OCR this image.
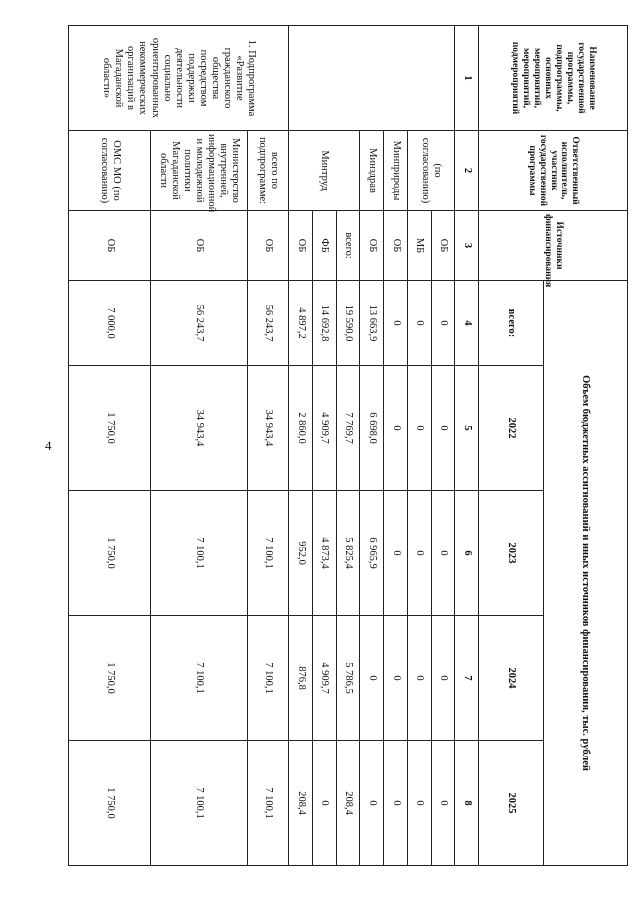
4
Наименование государственной программы, подпрограммы, основных мероприятий, мероприятий, подмероприятий	Ответственный исполнитель, участник государственной программы	Источники финансирования	Объем бюджетных ассигнований и иных источников финансирования, тыс. рублей				
			всего:	2022	2023	2024	2025
1	2	3	4	5	6	7	8
	(по согласованию)	ОБ	0	0	0	0	0
		МБ	0	0	0	0	0
	Минприроды	ОБ	0	0	0	0	0
	Минздрав	ОБ	13 663,9	6 698,0	6 965,9	0	0
	Минтруд	всего:	19 590,0	7 769,7	5 825,4	5 786,5	208,4
		ФБ	14 692,8	4 909,7	4 873,4	4 909,7	0
		ОБ	4 897,2	2 860,0	952,0	876,8	208,4
1. Подпрограмма «Развитие гражданского общества посредством поддержки деятельности социально ориентированных некоммерческих организаций в Магаданской области»	всего по подпрограмме:	ОБ	56 243,7	34 943,4	7 100,1	7 100,1	7 100,1
	Министерство внутренней, информационной и молодежной политики Магаданской области	ОБ	56 243,7	34 943,4	7 100,1	7 100,1	7 100,1
	ОМС МО (по согласованию)	ОБ	7 000,0	1 750,0	1 750,0	1 750,0	1 750,0
